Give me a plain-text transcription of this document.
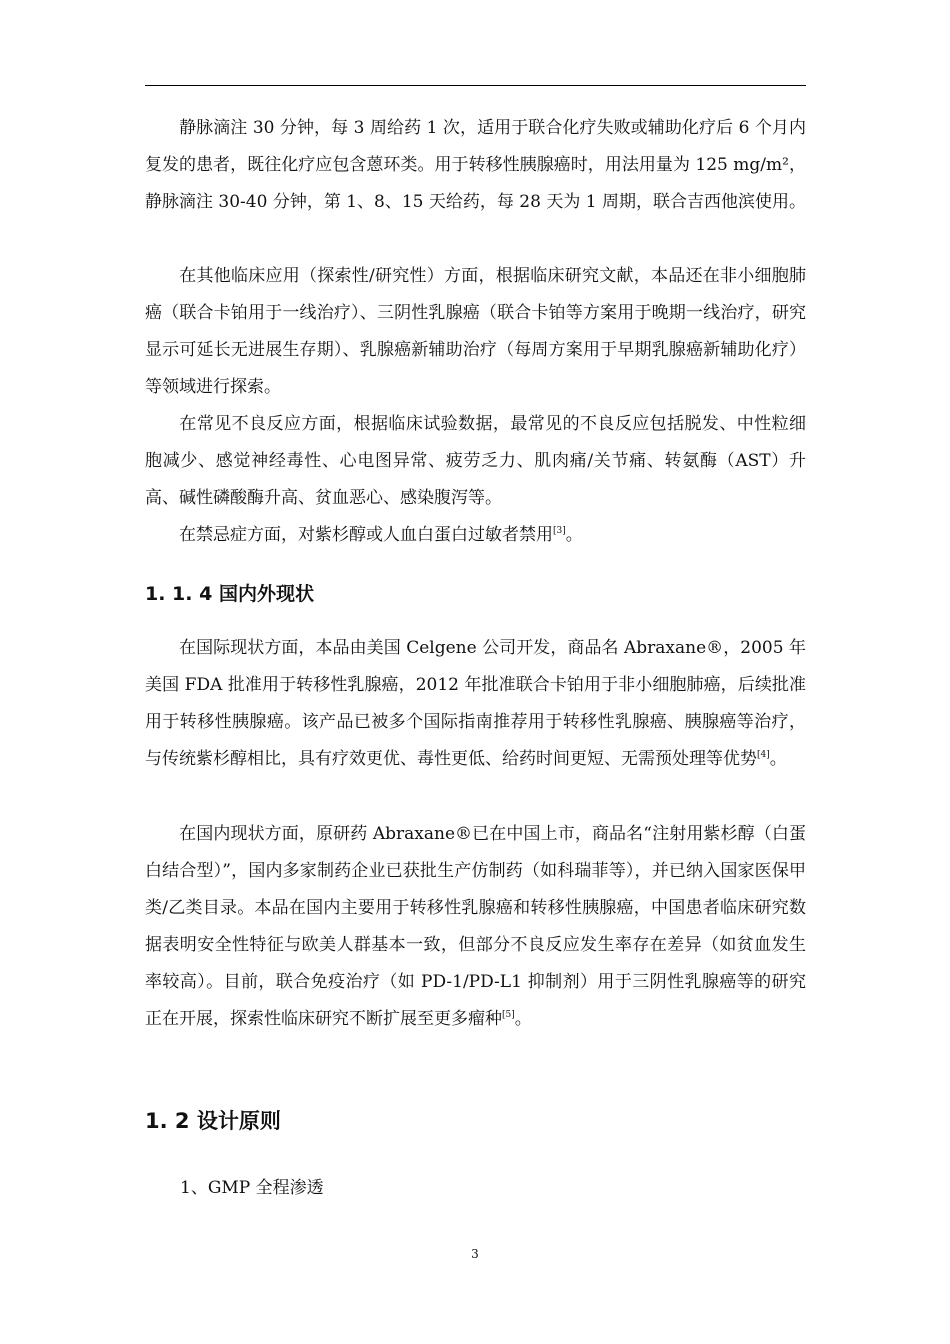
静脉滴注 30 分钟，每 3 周给药 1 次，适用于联合化疗失败或辅助化疗后 6 个月内复发的患者，既往化疗应包含蒽环类。用于转移性胰腺癌时，用法用量为 125 mg/m²，静脉滴注 30-40 分钟，第 1、8、15 天给药，每 28 天为 1 周期，联合吉西他滨使用。

在其他临床应用（探索性/研究性）方面，根据临床研究文献，本品还在非小细胞肺癌（联合卡铂用于一线治疗）、三阴性乳腺癌（联合卡铂等方案用于晚期一线治疗，研究显示可延长无进展生存期）、乳腺癌新辅助治疗（每周方案用于早期乳腺癌新辅助化疗）等领域进行探索。

在常见不良反应方面，根据临床试验数据，最常见的不良反应包括脱发、中性粒细胞减少、感觉神经毒性、心电图异常、疲劳乏力、肌肉痛/关节痛、转氨酶（AST）升高、碱性磷酸酶升高、贫血恶心、感染腹泻等。

在禁忌症方面，对紫杉醇或人血白蛋白过敏者禁用[3]。

1. 1. 4 国内外现状

在国际现状方面，本品由美国 Celgene 公司开发，商品名 Abraxane®，2005 年美国 FDA 批准用于转移性乳腺癌，2012 年批准联合卡铂用于非小细胞肺癌，后续批准用于转移性胰腺癌。该产品已被多个国际指南推荐用于转移性乳腺癌、胰腺癌等治疗，与传统紫杉醇相比，具有疗效更优、毒性更低、给药时间更短、无需预处理等优势[4]。

在国内现状方面，原研药 Abraxane®已在中国上市，商品名“注射用紫杉醇（白蛋白结合型）”，国内多家制药企业已获批生产仿制药（如科瑞菲等），并已纳入国家医保甲类/乙类目录。本品在国内主要用于转移性乳腺癌和转移性胰腺癌，中国患者临床研究数据表明安全性特征与欧美人群基本一致，但部分不良反应发生率存在差异（如贫血发生率较高）。目前，联合免疫治疗（如 PD-1/PD-L1 抑制剂）用于三阴性乳腺癌等的研究正在开展，探索性临床研究不断扩展至更多瘤种[5]。

1. 2 设计原则

1、GMP 全程渗透

3
